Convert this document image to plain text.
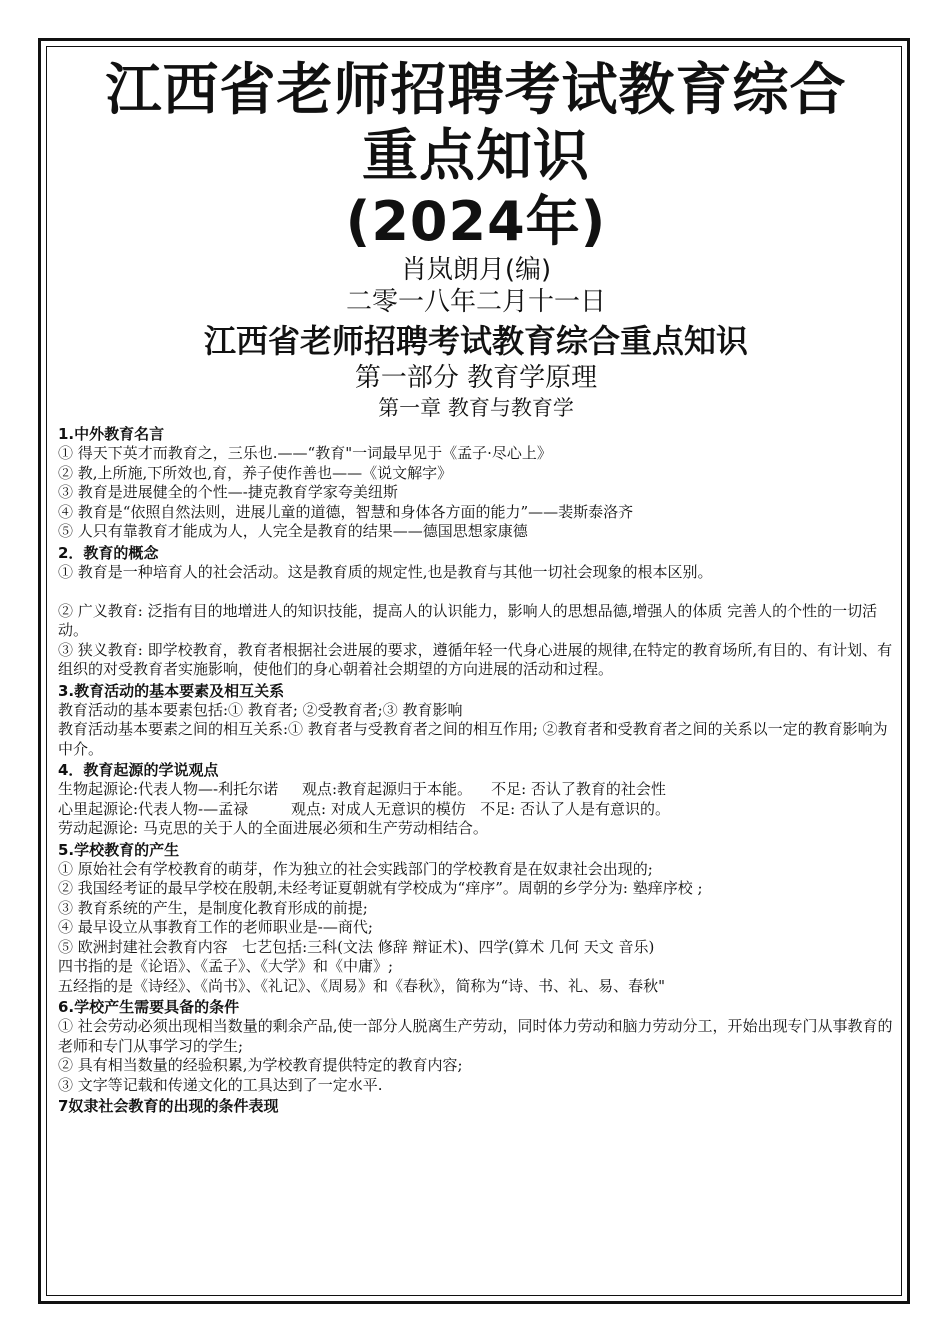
江西省老师招聘考试教育综合
重点知识
(2024年)
肖岚朗月(编)
二零一八年二月十一日
江西省老师招聘考试教育综合重点知识
第一部分 教育学原理
第一章 教育与教育学
1.中外教育名言
① 得天下英才而教育之，三乐也.——“教育"一词最早见于《孟子·尽心上》
② 教,上所施,下所效也,育，养子使作善也——《说文解字》
③ 教育是进展健全的个性—-捷克教育学家夸美纽斯
④ 教育是“依照自然法则，进展儿童的道德，智慧和身体各方面的能力”——裴斯泰洛齐
⑤ 人只有靠教育才能成为人，人完全是教育的结果——德国思想家康德
2．教育的概念
① 教育是一种培育人的社会活动。这是教育质的规定性,也是教育与其他一切社会现象的根本区别。
② 广义教育: 泛指有目的地增进人的知识技能，提高人的认识能力，影响人的思想品德,增强人的体质 完善人的个性的一切活动。
③ 狭义教育: 即学校教育，教育者根据社会进展的要求，遵循年轻一代身心进展的规律,在特定的教育场所,有目的、有计划、有组织的对受教育者实施影响，使他们的身心朝着社会期望的方向进展的活动和过程。
3.教育活动的基本要素及相互关系
教育活动的基本要素包括:① 教育者; ②受教育者;③ 教育影响
教育活动基本要素之间的相互关系:① 教育者与受教育者之间的相互作用; ②教育者和受教育者之间的关系以一定的教育影响为中介。
4．教育起源的学说观点
生物起源论:代表人物—-利托尔诺     观点:教育起源归于本能。    不足: 否认了教育的社会性
心里起源论:代表人物-—孟禄         观点: 对成人无意识的模仿   不足: 否认了人是有意识的。
劳动起源论: 马克思的关于人的全面进展必须和生产劳动相结合。
5.学校教育的产生
① 原始社会有学校教育的萌芽，作为独立的社会实践部门的学校教育是在奴隶社会出现的;
② 我国经考证的最早学校在殷朝,未经考证夏朝就有学校成为“痒序”。周朝的乡学分为: 塾痒序校 ;
③ 教育系统的产生，是制度化教育形成的前提;
④ 最早设立从事教育工作的老师职业是-—商代;
⑤ 欧洲封建社会教育内容   七艺包括:三科(文法 修辞 辩证术)、四学(算术 几何 天文 音乐)
四书指的是《论语》、《孟子》、《大学》和《中庸》;
五经指的是《诗经》、《尚书》、《礼记》、《周易》和《春秋》，简称为“诗、书、礼、易、春秋"
6.学校产生需要具备的条件
① 社会劳动必须出现相当数量的剩余产品,使一部分人脱离生产劳动，同时体力劳动和脑力劳动分工，开始出现专门从事教育的老师和专门从事学习的学生;
② 具有相当数量的经验积累,为学校教育提供特定的教育内容;
③ 文字等记载和传递文化的工具达到了一定水平.
7奴隶社会教育的出现的条件表现
